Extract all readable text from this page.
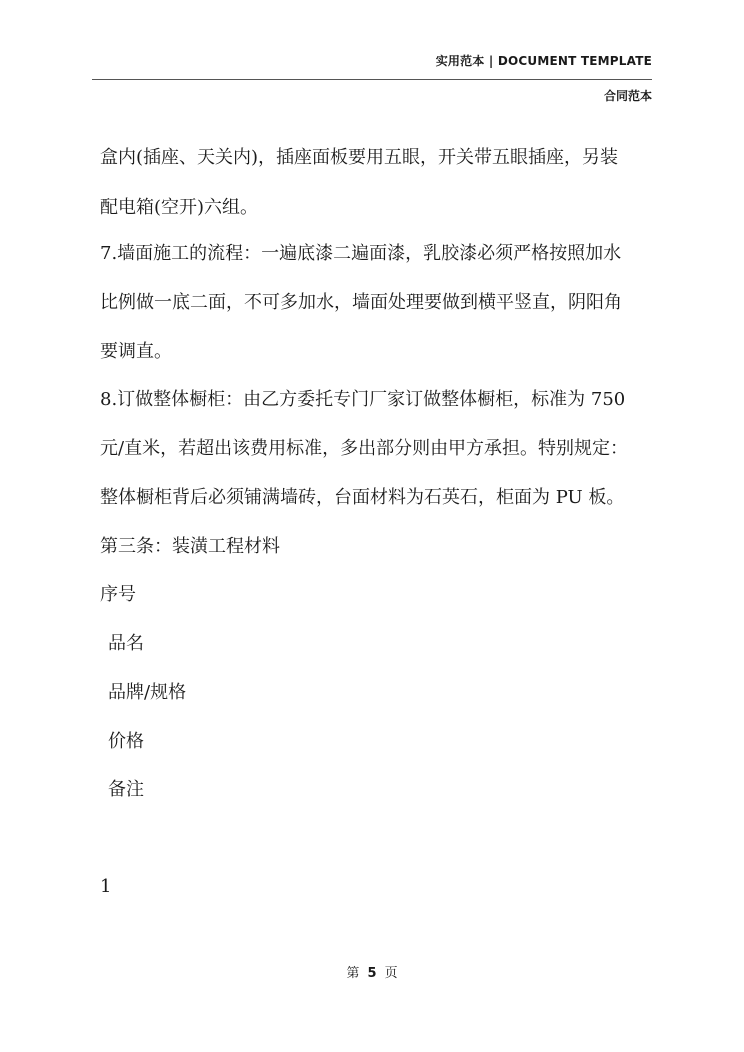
实用范本 | DOCUMENT TEMPLATE
合同范本
盒内(插座、天关内)，插座面板要用五眼，开关带五眼插座，另装
配电箱(空开)六组。
7.墙面施工的流程：一遍底漆二遍面漆，乳胶漆必须严格按照加水
比例做一底二面，不可多加水，墙面处理要做到横平竖直，阴阳角
要调直。
8.订做整体橱柜：由乙方委托专门厂家订做整体橱柜，标准为 750
元/直米，若超出该费用标准，多出部分则由甲方承担。特别规定：
整体橱柜背后必须铺满墙砖，台面材料为石英石，柜面为 PU 板。
第三条：装潢工程材料
序号
品名
品牌/规格
价格
备注
1
第 5 页
